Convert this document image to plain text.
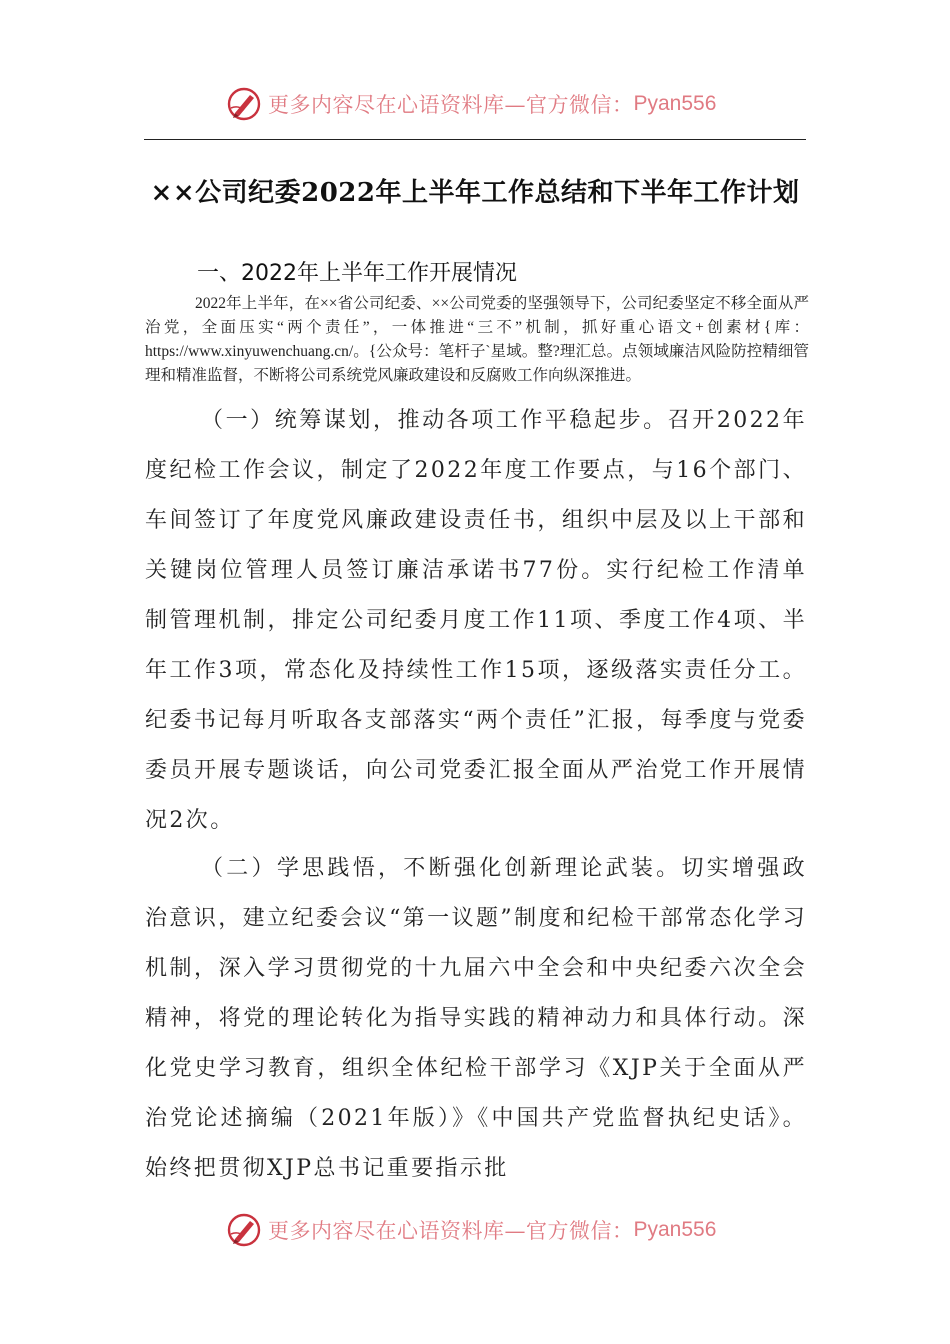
更多内容尽在心语资料库—官方微信： Pyan556
××公司纪委2022年上半年工作总结和下半年工作计划
一、2022年上半年工作开展情况

2022年上半年，在××省公司纪委、××公司党委的坚强领导下，公司纪委坚定不移全面从严治党，全面压实“两个责任”，一体推进“三不”机制，抓好重心语文+创素材{库：https://www.xinyuwenchuang.cn/。{公众号：笔杆子`星域。整?理汇总。点领域廉洁风险防控精细管理和精准监督，不断将公司系统党风廉政建设和反腐败工作向纵深推进。

（一）统筹谋划，推动各项工作平稳起步。召开2022年度纪检工作会议，制定了2022年度工作要点，与16个部门、车间签订了年度党风廉政建设责任书，组织中层及以上干部和关键岗位管理人员签订廉洁承诺书77份。实行纪检工作清单制管理机制，排定公司纪委月度工作11项、季度工作4项、半年工作3项，常态化及持续性工作15项，逐级落实责任分工。纪委书记每月听取各支部落实“两个责任”汇报，每季度与党委委员开展专题谈话，向公司党委汇报全面从严治党工作开展情况2次。

（二）学思践悟，不断强化创新理论武装。切实增强政治意识，建立纪委会议“第一议题”制度和纪检干部常态化学习机制，深入学习贯彻党的十九届六中全会和中央纪委六次全会精神，将党的理论转化为指导实践的精神动力和具体行动。深化党史学习教育，组织全体纪检干部学习《XJP关于全面从严治党论述摘编（2021年版）》《中国共产党监督执纪史话》。始终把贯彻XJP总书记重要指示批

更多内容尽在心语资料库—官方微信： Pyan556
